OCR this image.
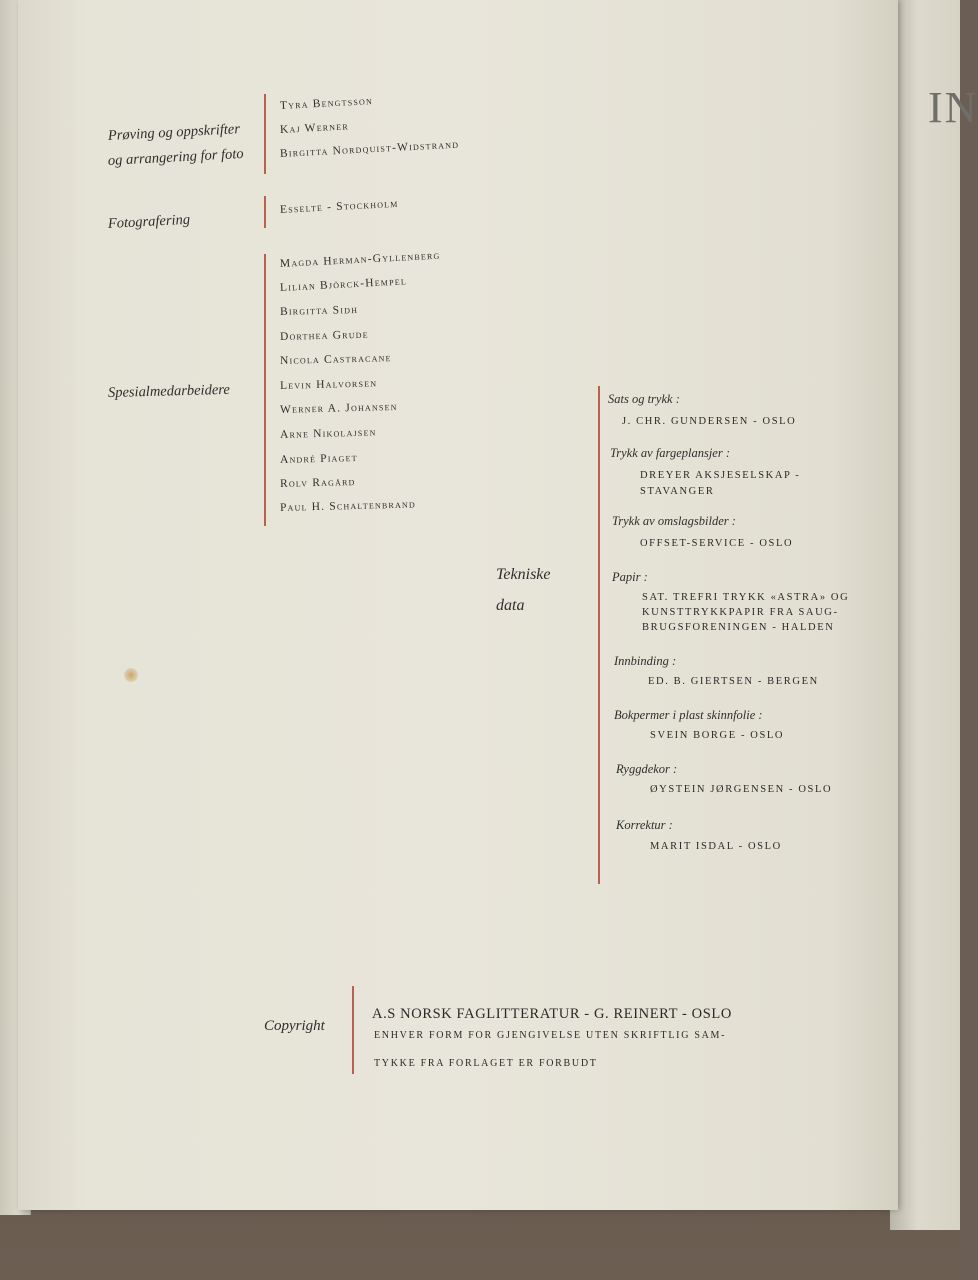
IN
Prøving og oppskrifter
og arrangering for foto
Tyra Bengtsson
Kaj Werner
Birgitta Nordquist-Widstrand
Fotografering
Esselte - Stockholm
Spesialmedarbeidere
Magda Herman-Gyllenberg
Lilian Björck-Hempel
Birgitta Sidh
Dorthea Grude
Nicola Castracane
Levin Halvorsen
Werner A. Johansen
Arne Nikolajsen
André Piaget
Rolv Ragård
Paul H. Schaltenbrand
Tekniske
data
Sats og trykk :
J. CHR. GUNDERSEN - OSLO
Trykk av fargeplansjer :
DREYER AKSJESELSKAP -
STAVANGER
Trykk av omslagsbilder :
OFFSET-SERVICE - OSLO
Papir :
SAT. TREFRI TRYKK «ASTRA» OG
KUNSTTRYKKPAPIR FRA SAUG-
BRUGSFORENINGEN - HALDEN
Innbinding :
ED. B. GIERTSEN - BERGEN
Bokpermer i plast skinnfolie :
SVEIN BORGE - OSLO
Ryggdekor :
ØYSTEIN JØRGENSEN - OSLO
Korrektur :
MARIT ISDAL - OSLO
Copyright
A.S NORSK FAGLITTERATUR - G. REINERT - OSLO
ENHVER FORM FOR GJENGIVELSE UTEN SKRIFTLIG SAM-
TYKKE FRA FORLAGET ER FORBUDT
